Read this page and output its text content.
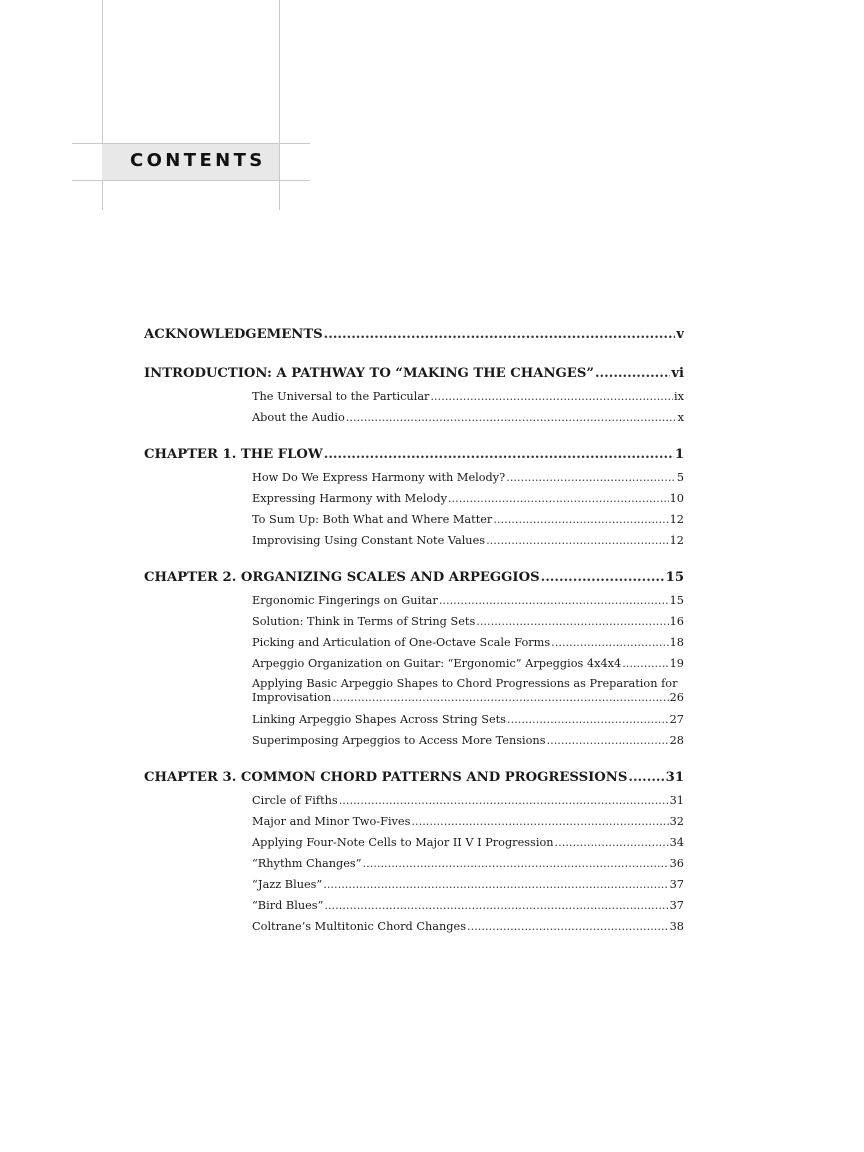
CONTENTS
ACKNOWLEDGEMENTS .....	v
INTRODUCTION: A PATHWAY TO “MAKING THE CHANGES” .....	vi
The Universal to the Particular .....	ix
About the Audio .....	x
CHAPTER 1. THE FLOW .....	1
How Do We Express Harmony with Melody? .....	5
Expressing Harmony with Melody .....	10
To Sum Up: Both What and Where Matter .....	12
Improvising Using Constant Note Values .....	12
CHAPTER 2. ORGANIZING SCALES AND ARPEGGIOS .....	15
Ergonomic Fingerings on Guitar .....	15
Solution: Think in Terms of String Sets .....	16
Picking and Articulation of One-Octave Scale Forms .....	18
Arpeggio Organization on Guitar: “Ergonomic” Arpeggios 4x4x4 .....	19
Applying Basic Arpeggio Shapes to Chord Progressions as Preparation for
Improvisation .....	26
Linking Arpeggio Shapes Across String Sets .....	27
Superimposing Arpeggios to Access More Tensions .....	28
CHAPTER 3. COMMON CHORD PATTERNS AND PROGRESSIONS .....	31
Circle of Fifths .....	31
Major and Minor Two-Fives .....	32
Applying Four-Note Cells to Major II V I Progression .....	34
“Rhythm Changes” .....	36
“Jazz Blues” .....	37
“Bird Blues” .....	37
Coltrane’s Multitonic Chord Changes .....	38
